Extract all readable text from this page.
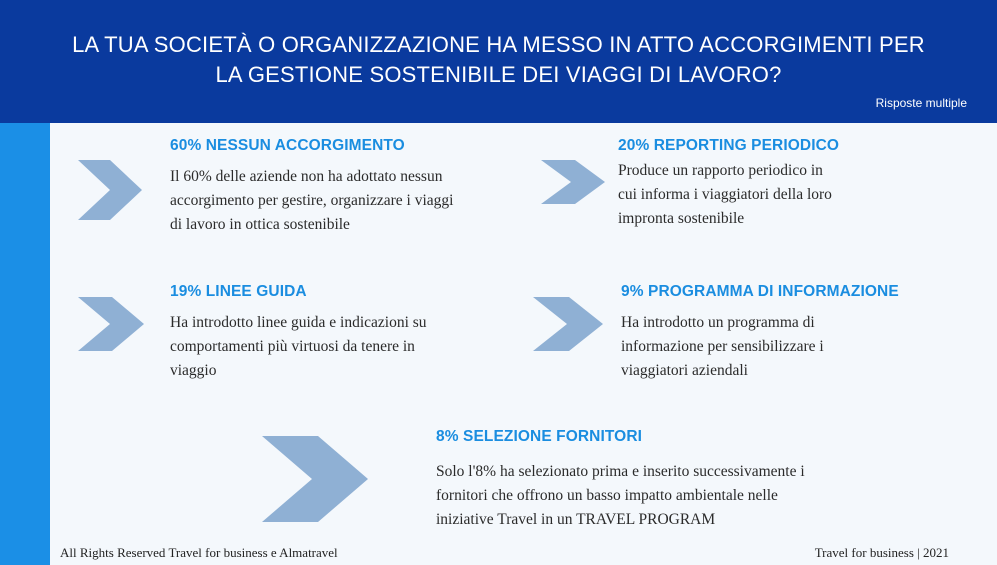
LA TUA SOCIETÀ O ORGANIZZAZIONE HA MESSO IN ATTO ACCORGIMENTI PER
LA GESTIONE SOSTENIBILE DEI VIAGGI DI LAVORO?
Risposte multiple
60% NESSUN ACCORGIMENTO
Il 60% delle aziende non ha adottato nessun
accorgimento per gestire, organizzare i viaggi
di lavoro in ottica sostenibile
20% REPORTING PERIODICO
Produce un rapporto periodico in
cui informa i viaggiatori della loro
impronta sostenibile
19% LINEE GUIDA
Ha introdotto linee guida e indicazioni su
comportamenti più virtuosi da tenere in
viaggio
9% PROGRAMMA DI INFORMAZIONE
Ha introdotto un programma di
informazione per sensibilizzare i
viaggiatori aziendali
8% SELEZIONE FORNITORI
Solo l'8% ha selezionato prima e inserito successivamente i
fornitori che offrono un basso impatto ambientale nelle
iniziative Travel in un TRAVEL PROGRAM
All Rights Reserved Travel for business e Almatravel	Travel for business | 2021
